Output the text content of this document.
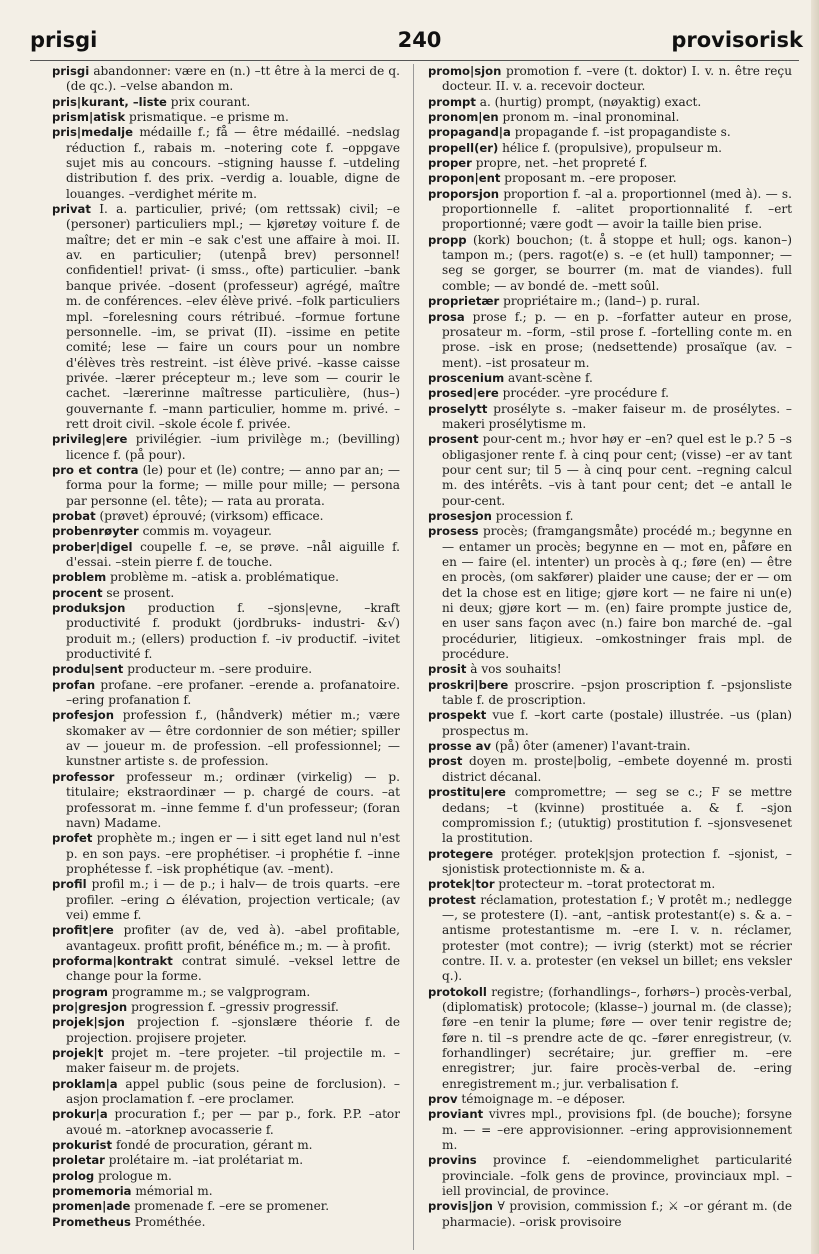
prisgi	240	provisorisk

prisgi abandonner: være en (n.) –tt être à la merci de q. (de qc.). –velse abandon m.

pris|kurant, –liste prix courant.

prism|atisk prismatique. –e prisme m.

pris|medalje médaille f.; få — être médaillé. –nedslag réduction f., rabais m. –notering cote f. –oppgave sujet mis au concours. –stigning hausse f. –utdeling distribution f. des prix. –verdig a. louable, digne de louanges. –verdighet mérite m.

privat I. a. particulier, privé; (om rettssak) civil; –e (personer) particuliers mpl.; — kjøretøy voiture f. de maître; det er min –e sak c'est une affaire à moi. II. av. en particulier; (utenpå brev) personnel! confidentiel! privat- (i smss., ofte) particulier. –bank banque privée. –dosent (professeur) agrégé, maître m. de conférences. –elev élève privé. –folk particuliers mpl. –forelesning cours rétribué. –formue fortune personnelle. –im, se privat (II). –issime en petite comité; lese — faire un cours pour un nombre d'élèves très restreint. –ist élève privé. –kasse caisse privée. –lærer précepteur m.; leve som — courir le cachet. –lærerinne maîtresse particulière, (hus–) gouvernante f. –mann particulier, homme m. privé. –rett droit civil. –skole école f. privée.

privileg|ere privilégier. –ium privilège m.; (bevilling) licence f. (på pour).

pro et contra (le) pour et (le) contre; — anno par an; — forma pour la forme; — mille pour mille; — persona par personne (el. tête); — rata au prorata.

probat (prøvet) éprouvé; (virksom) efficace.

probenrøyter commis m. voyageur.

prober|digel coupelle f. –e, se prøve. –nål aiguille f. d'essai. –stein pierre f. de touche.

problem problème m. –atisk a. problématique.

procent se prosent.

produksjon production f. –sjons|evne, –kraft productivité f. produkt (jordbruks- industri- &√) produit m.; (ellers) production f. –iv productif. –ivitet productivité f.

produ|sent producteur m. –sere produire.

profan profane. –ere profaner. –erende a. profanatoire. –ering profanation f.

profesjon profession f., (håndverk) métier m.; være skomaker av — être cordonnier de son métier; spiller av — joueur m. de profession. –ell professionnel; — kunstner artiste s. de profession.

professor professeur m.; ordinær (virkelig) — p. titulaire; ekstraordinær — p. chargé de cours. –at professorat m. –inne femme f. d'un professeur; (foran navn) Madame.

profet prophète m.; ingen er — i sitt eget land nul n'est p. en son pays. –ere prophétiser. –i prophétie f. –inne prophétesse f. –isk prophétique (av. –ment).

profil profil m.; i — de p.; i halv— de trois quarts. –ere profiler. –ering ⌂ élévation, projection verticale; (av vei) emme f.

profit|ere profiter (av de, ved à). –abel profitable, avantageux. profitt profit, bénéfice m.; m. — à profit.

proforma|kontrakt contrat simulé. –veksel lettre de change pour la forme.

program programme m.; se valgprogram.

pro|gresjon progression f. –gressiv progressif.

projek|sjon projection f. –sjonslære théorie f. de projection. projisere projeter.

projek|t projet m. –tere projeter. –til projectile m. –maker faiseur m. de projets.

proklam|a appel public (sous peine de forclusion). –asjon proclamation f. –ere proclamer.

prokur|a procuration f.; per — par p., fork. P.P. –ator avoué m. –atorknep avocasserie f.

prokurist fondé de procuration, gérant m.

proletar prolétaire m. –iat prolétariat m.

prolog prologue m.

promemoria mémorial m.

promen|ade promenade f. –ere se promener.

Prometheus Prométhée.

promo|sjon promotion f. –vere (t. doktor) I. v. n. être reçu docteur. II. v. a. recevoir docteur.

prompt a. (hurtig) prompt, (nøyaktig) exact.

pronom|en pronom m. –inal pronominal.

propagand|a propagande f. –ist propagandiste s.

propell(er) hélice f. (propulsive), propulseur m.

proper propre, net. –het propreté f.

propon|ent proposant m. –ere proposer.

proporsjon proportion f. –al a. proportionnel (med à). — s. proportionnelle f. –alitet proportionnalité f. –ert proportionné; være godt — avoir la taille bien prise.

propp (kork) bouchon; (t. å stoppe et hull; ogs. kanon–) tampon m.; (pers. ragot(e) s. –e (et hull) tamponner; — seg se gorger, se bourrer (m. mat de viandes). full comble; — av bondé de. –mett soûl.

proprietær propriétaire m.; (land–) p. rural.

prosa prose f.; p. — en p. –forfatter auteur en prose, prosateur m. –form, –stil prose f. –fortelling conte m. en prose. –isk en prose; (nedsettende) prosaïque (av. –ment). –ist prosateur m.

proscenium avant-scène f.

prosed|ere procéder. –yre procédure f.

proselytt prosélyte s. –maker faiseur m. de prosélytes. –makeri prosélytisme m.

prosent pour-cent m.; hvor høy er –en? quel est le p.? 5 –s obligasjoner rente f. à cinq pour cent; (visse) –er av tant pour cent sur; til 5 — à cinq pour cent. –regning calcul m. des intérêts. –vis à tant pour cent; det –e antall le pour-cent.

prosesjon procession f.

prosess procès; (framgangsmåte) procédé m.; begynne en — entamer un procès; begynne en — mot en, påføre en en — faire (el. intenter) un procès à q.; føre (en) — être en procès, (om sakfører) plaider une cause; der er — om det la chose est en litige; gjøre kort — ne faire ni un(e) ni deux; gjøre kort — m. (en) faire prompte justice de, en user sans façon avec (n.) faire bon marché de. –gal procédurier, litigieux. –omkostninger frais mpl. de procédure.

prosit à vos souhaits!

proskri|bere proscrire. –psjon proscription f. –psjonsliste table f. de proscription.

prospekt vue f. –kort carte (postale) illustrée. –us (plan) prospectus m.

prosse av (på) ôter (amener) l'avant-train.

prost doyen m. proste|bolig, –embete doyenné m. prosti district décanal.

prostitu|ere compromettre; — seg se c.; F se mettre dedans; –t (kvinne) prostituée a. & f. –sjon compromission f.; (utuktig) prostitution f. –sjonsvesenet la prostitution.

protegere protéger. protek|sjon protection f. –sjonist, –sjonistisk protectionniste m. & a.

protek|tor protecteur m. –torat protectorat m.

protest réclamation, protestation f.; ∀ protêt m.; nedlegge —, se protestere (I). –ant, –antisk protestant(e) s. & a. –antisme protestantisme m. –ere I. v. n. réclamer, protester (mot contre); — ivrig (sterkt) mot se récrier contre. II. v. a. protester (en veksel un billet; ens veksler q.).

protokoll registre; (forhandlings–, forhørs–) procès-verbal, (diplomatisk) protocole; (klasse–) journal m. (de classe); føre –en tenir la plume; føre — over tenir registre de; føre n. til –s prendre acte de qc. –fører enregistreur, (v. forhandlinger) secrétaire; jur. greffier m. –ere enregistrer; jur. faire procès-verbal de. –ering enregistrement m.; jur. verbalisation f.

prov témoignage m. –e déposer.

proviant vivres mpl., provisions fpl. (de bouche); forsyne m. — = –ere approvisionner. –ering approvisionnement m.

provins province f. –eiendommelighet particularité provinciale. –folk gens de province, provinciaux mpl. –iell provincial, de province.

provis|jon ∀ provision, commission f.; ⚔ –or gérant m. (de pharmacie). –orisk provisoire
